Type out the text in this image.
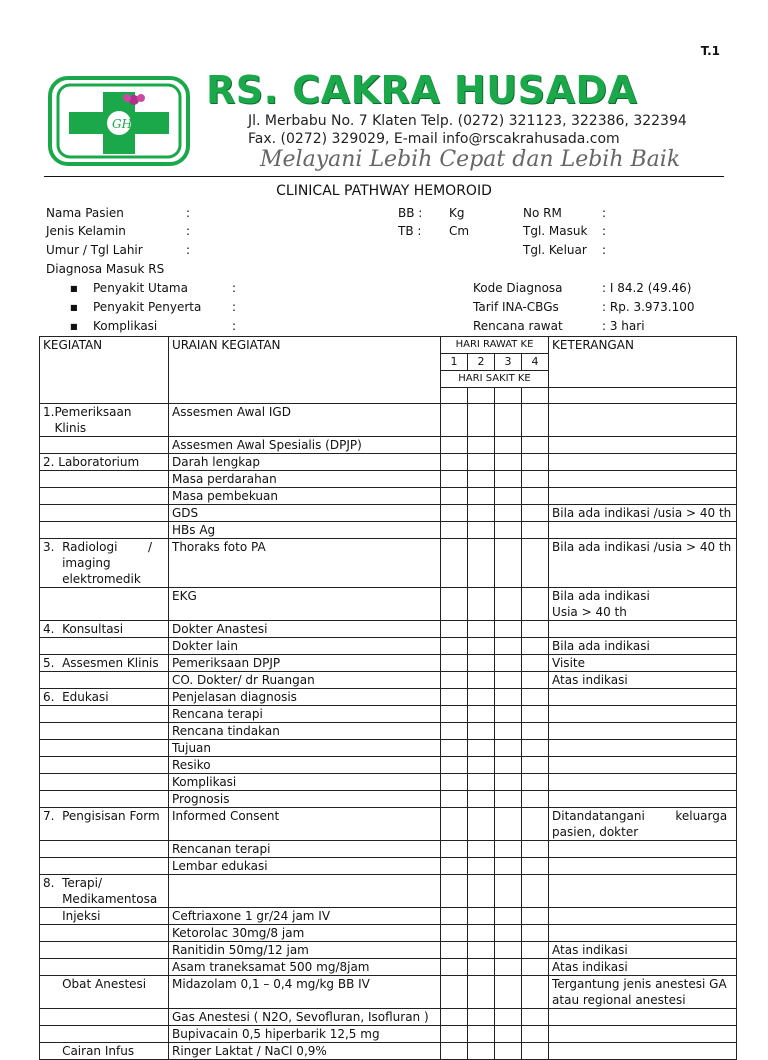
T.1
GH
RS. CAKRA HUSADA
Jl. Merbabu No. 7 Klaten Telp. (0272) 321123, 322386, 322394
Fax. (0272) 329029, E-mail info@rscakrahusada.com
Melayani Lebih Cepat dan Lebih Baik
CLINICAL PATHWAY HEMOROID
Nama Pasien	:
Jenis Kelamin	:
Umur / Tgl Lahir	:
Diagnosa Masuk RS
BB : Kg
TB : Cm
No RM	:
Tgl. Masuk :
Tgl. Keluar :
■ Penyakit Utama	:
■ Penyakit Penyerta	:
■ Komplikasi	:
Kode Diagnosa	: I 84.2 (49.46)
Tarif INA-CBGs	: Rp. 3.973.100
Rencana rawat	: 3 hari
KEGIATAN	URAIAN KEGIATAN	HARI RAWAT KE				KETERANGAN
		1	2	3	4	
		HARI SAKIT KE				

1.Pemeriksaan
Klinis	Assesmen Awal IGD					
	Assesmen Awal Spesialis (DPJP)					
2. Laboratorium	Darah lengkap					
	Masa perdarahan					
	Masa pembekuan					
	GDS					Bila ada indikasi /usia > 40 th
	HBs Ag					
3.  Radiologi        /
imaging
elektromedik	Thoraks foto PA					Bila ada indikasi /usia > 40 th
	EKG					Bila ada indikasi
Usia > 40 th
4.  Konsultasi	Dokter Anastesi					
	Dokter lain					Bila ada indikasi
5.  Assesmen Klinis	Pemeriksaan DPJP					Visite
	CO. Dokter/ dr Ruangan					Atas indikasi
6.  Edukasi	Penjelasan diagnosis					
	Rencana terapi					
	Rencana tindakan					
	Tujuan					
	Resiko					
	Komplikasi					
	Prognosis					
7.  Pengisisan Form	Informed Consent					Ditandatangani        keluarga
pasien, dokter
	Rencanan terapi					
	Lembar edukasi					
8.  Terapi/
Medikamentosa						
Injeksi	Ceftriaxone 1 gr/24 jam IV					
	Ketorolac 30mg/8 jam					
	Ranitidin 50mg/12 jam					Atas indikasi
	Asam traneksamat 500 mg/8jam					Atas indikasi
Obat Anestesi	Midazolam 0,1 – 0,4 mg/kg BB IV					Tergantung jenis anestesi GA
atau regional anestesi
	Gas Anestesi ( N2O, Sevofluran, Isofluran )					
	Bupivacain 0,5 hiperbarik 12,5 mg					
Cairan Infus	Ringer Laktat / NaCl 0,9%					
